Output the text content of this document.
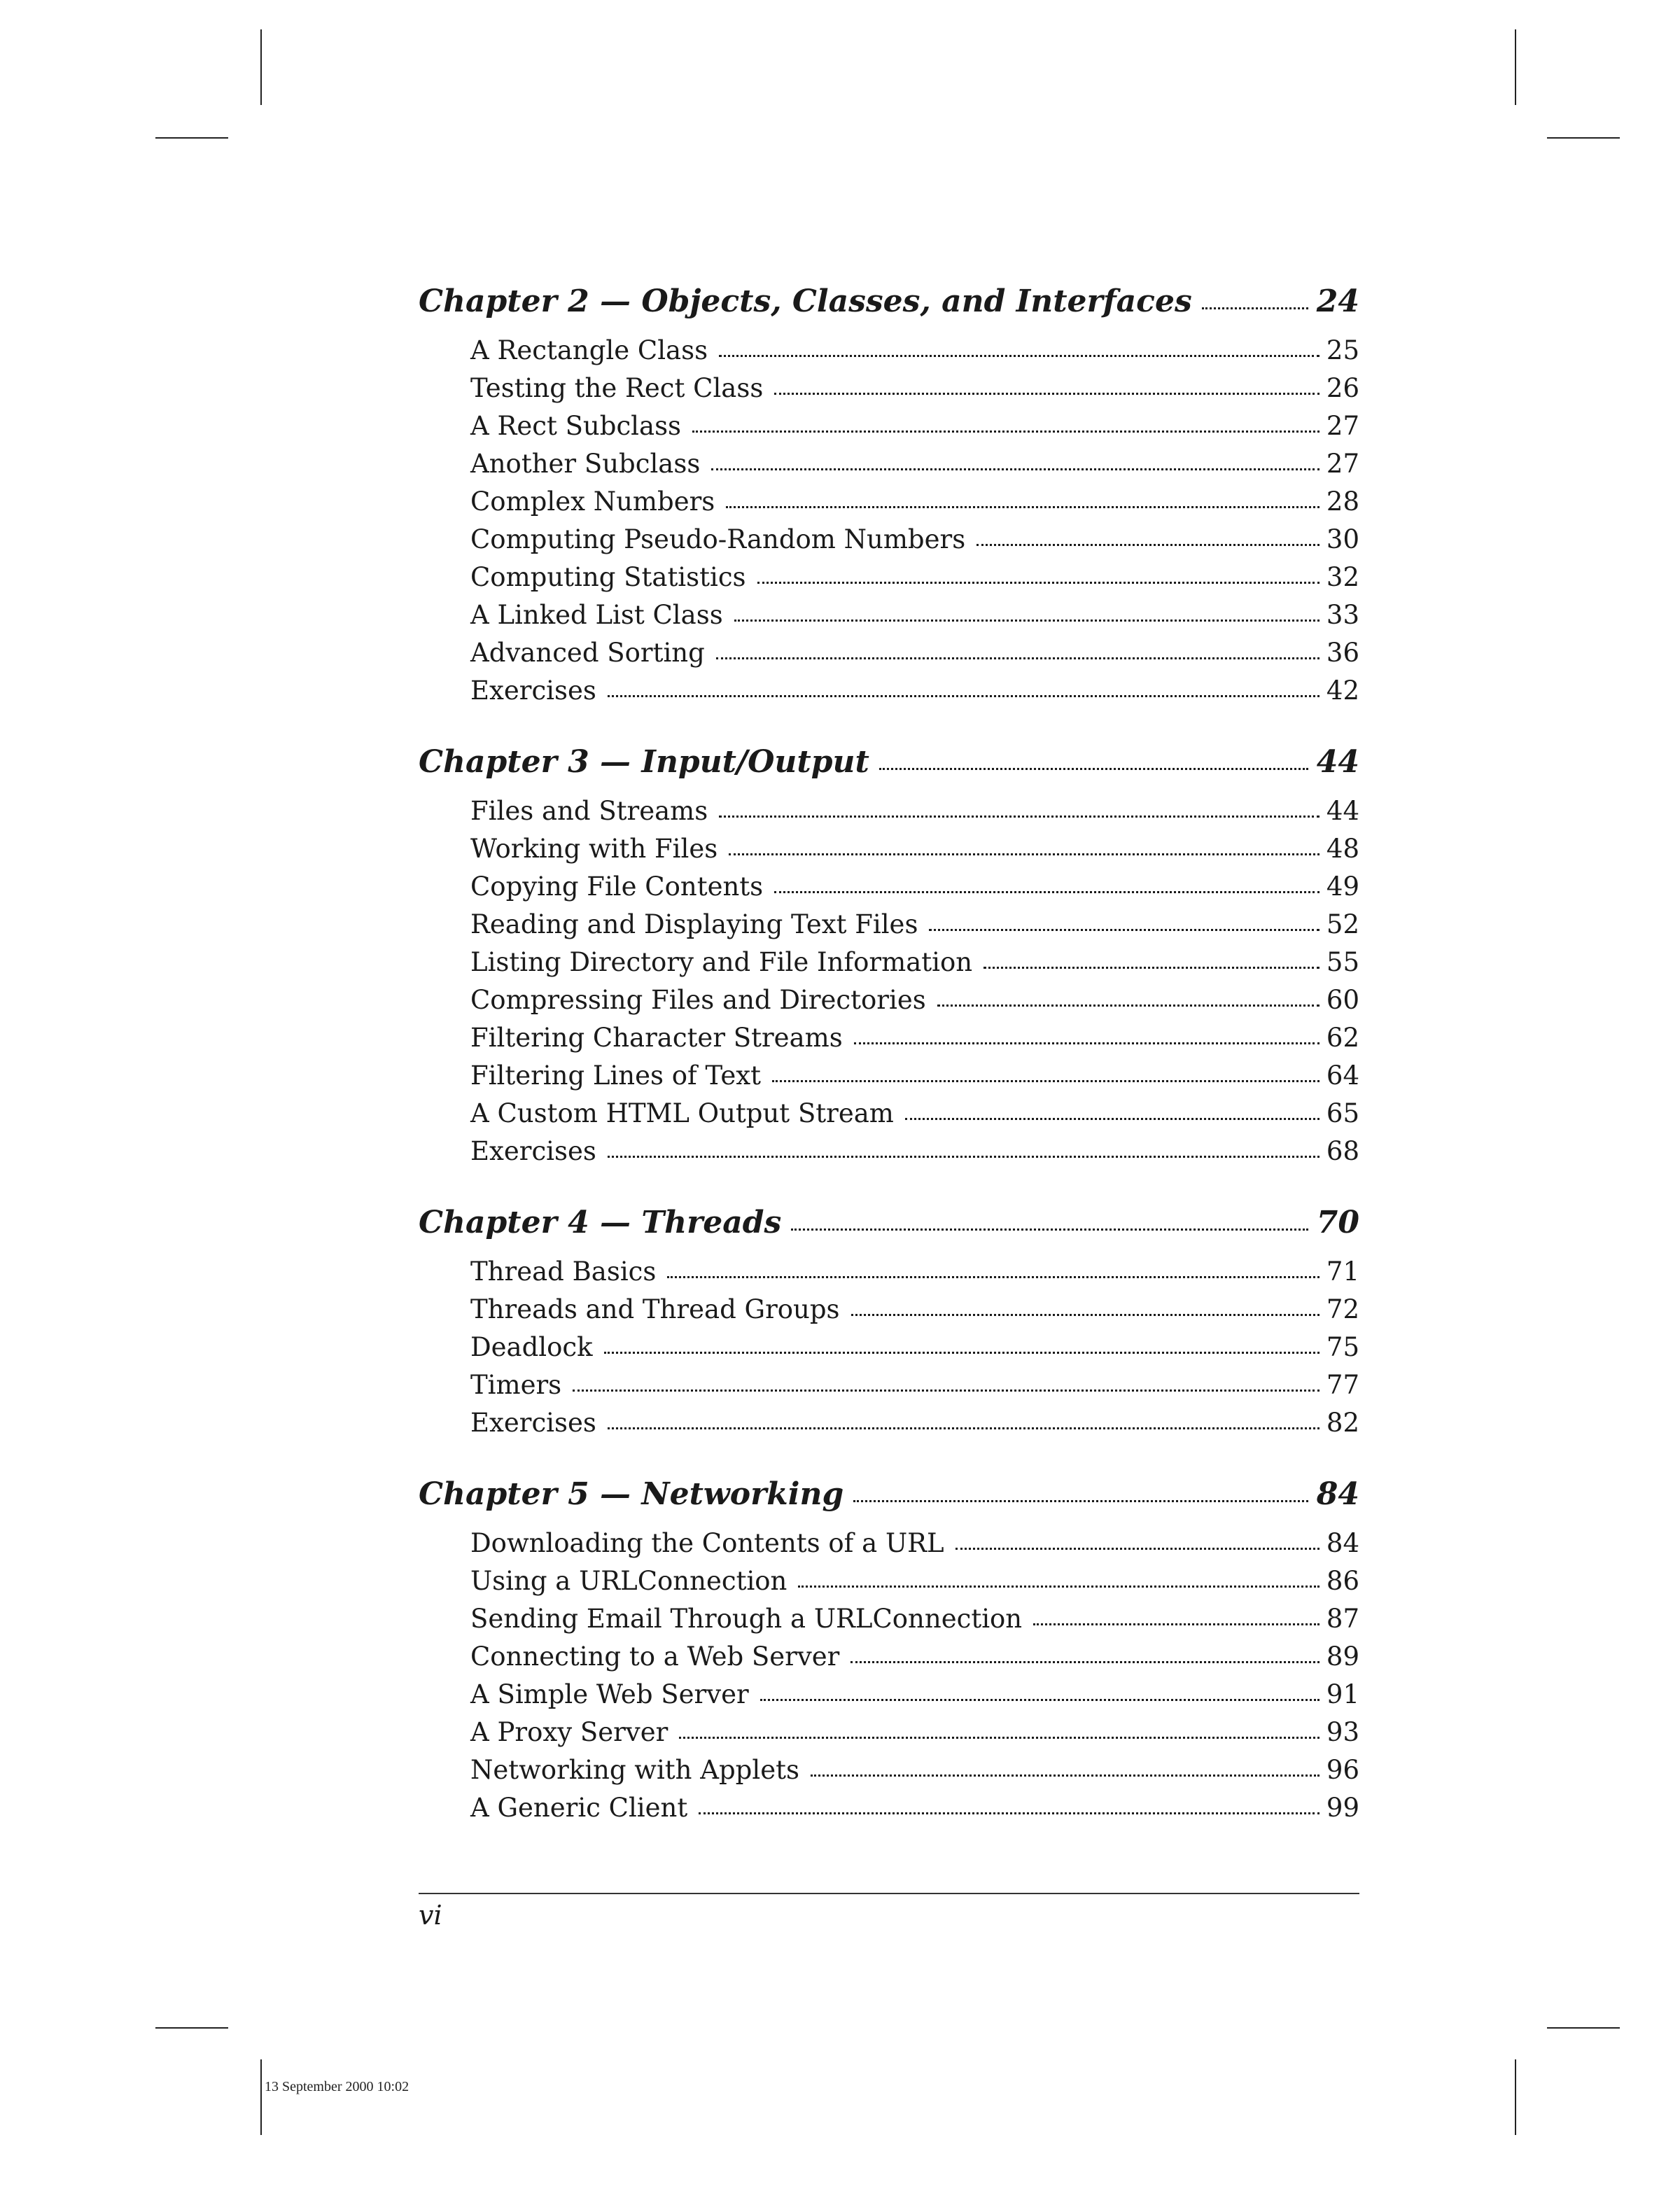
Chapter 2 — Objects, Classes, and Interfaces	24
A Rectangle Class	25
Testing the Rect Class	26
A Rect Subclass	27
Another Subclass	27
Complex Numbers	28
Computing Pseudo-Random Numbers	30
Computing Statistics	32
A Linked List Class	33
Advanced Sorting	36
Exercises	42
Chapter 3 — Input/Output	44
Files and Streams	44
Working with Files	48
Copying File Contents	49
Reading and Displaying Text Files	52
Listing Directory and File Information	55
Compressing Files and Directories	60
Filtering Character Streams	62
Filtering Lines of Text	64
A Custom HTML Output Stream	65
Exercises	68
Chapter 4 — Threads	70
Thread Basics	71
Threads and Thread Groups	72
Deadlock	75
Timers	77
Exercises	82
Chapter 5 — Networking	84
Downloading the Contents of a URL	84
Using a URLConnection	86
Sending Email Through a URLConnection	87
Connecting to a Web Server	89
A Simple Web Server	91
A Proxy Server	93
Networking with Applets	96
A Generic Client	99
vi
13 September 2000 10:02
